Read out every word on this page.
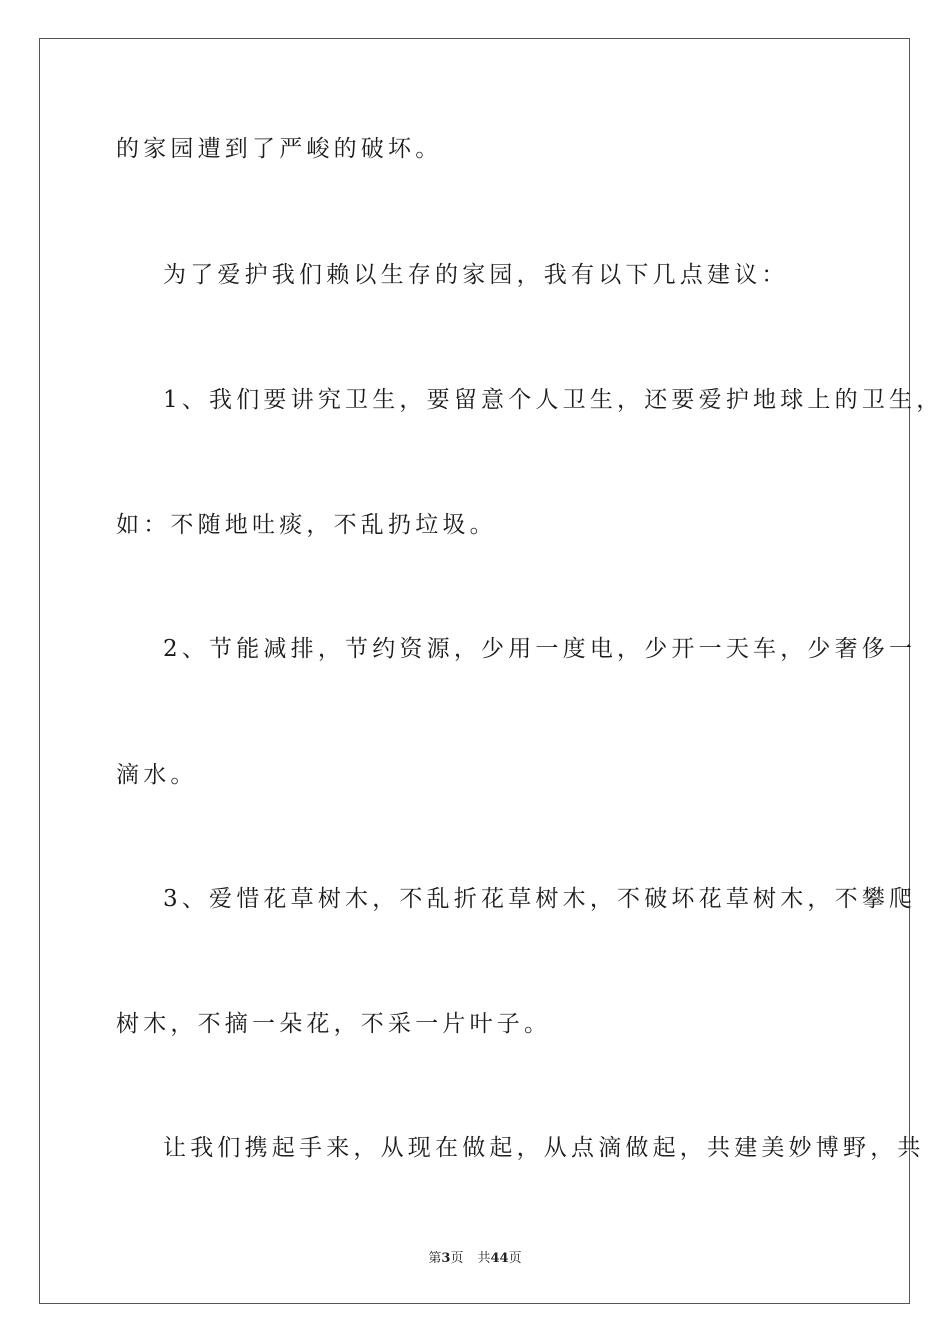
的家园遭到了严峻的破坏。
为了爱护我们赖以生存的家园，我有以下几点建议：
1、我们要讲究卫生，要留意个人卫生，还要爱护地球上的卫生，
如：不随地吐痰，不乱扔垃圾。
2、节能减排，节约资源，少用一度电，少开一天车，少奢侈一
滴水。
3、爱惜花草树木，不乱折花草树木，不破坏花草树木，不攀爬
树木，不摘一朵花，不采一片叶子。
让我们携起手来，从现在做起，从点滴做起，共建美妙博野，共
第3页 共44页
